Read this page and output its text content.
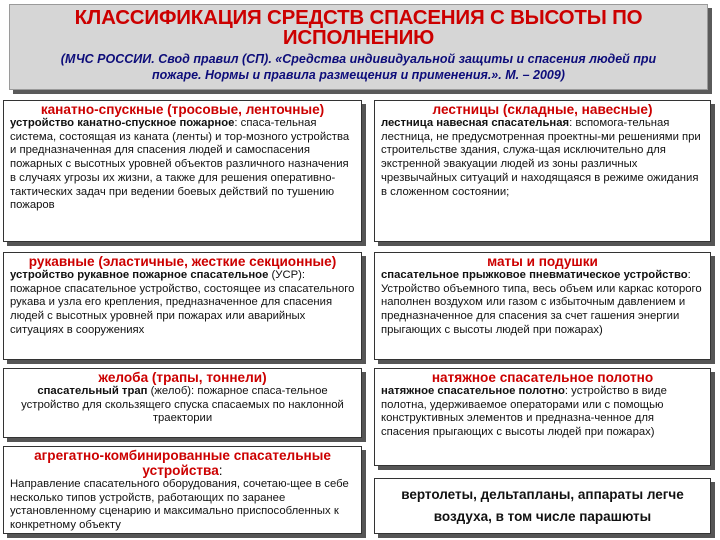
КЛАССИФИКАЦИЯ СРЕДСТВ СПАСЕНИЯ С ВЫСОТЫ ПО
ИСПОЛНЕНИЮ
(МЧС РОССИИ. Свод правил (СП). «Средства индивидуальной защиты и спасения людей при
пожаре. Нормы и правила размещения и применения.». М. – 2009)
канатно-спускные (тросовые, ленточные)
устройство канатно-спускное пожарное: спаса-тельная система, состоящая из каната (ленты) и тор-мозного устройства и предназначенная для спасения людей и самоспасения пожарных с высотных уровней объектов различного назначения в случаях угрозы их жизни, а также для решения оперативно-тактических задач при ведении боевых действий по тушению пожаров
рукавные (эластичные, жесткие секционные)
устройство рукавное пожарное спасательное (УСР): пожарное спасательное устройство, состоящее из спасательного рукава и узла его крепления, предназначенное для спасения людей с высотных уровней при пожарах или аварийных ситуациях в сооружениях
желоба (трапы, тоннели)
спасательный трап (желоб): пожарное спаса-тельное устройство для скользящего спуска спасаемых по наклонной траектории
агрегатно-комбинированные спасательные
устройства:
Направление спасательного оборудования, сочетаю-щее в себе несколько типов устройств, работающих по заранее установленному сценарию и максимально приспособленных к конкретному объекту
лестницы (складные, навесные)
лестница навесная спасательная: вспомога-тельная лестница, не предусмотренная проектны-ми решениями при строительстве здания, служа-щая исключительно для экстренной эвакуации людей из зоны различных чрезвычайных ситуаций и находящаяся в режиме ожидания в сложенном состоянии;
маты и подушки
спасательное прыжковое пневматическое устройство: Устройство объемного типа, весь объем или каркас которого наполнен воздухом или газом с избыточным давлением и предназначенное для спасения за счет гашения энергии прыгающих с высоты людей при пожарах)
натяжное спасательное полотно
натяжное спасательное полотно: устройство в виде полотна, удерживаемое операторами или с помощью конструктивных элементов и предназна-ченное для спасения прыгающих с высоты людей при пожарах)
вертолеты, дельтапланы, аппараты легче
воздуха, в том числе парашюты
